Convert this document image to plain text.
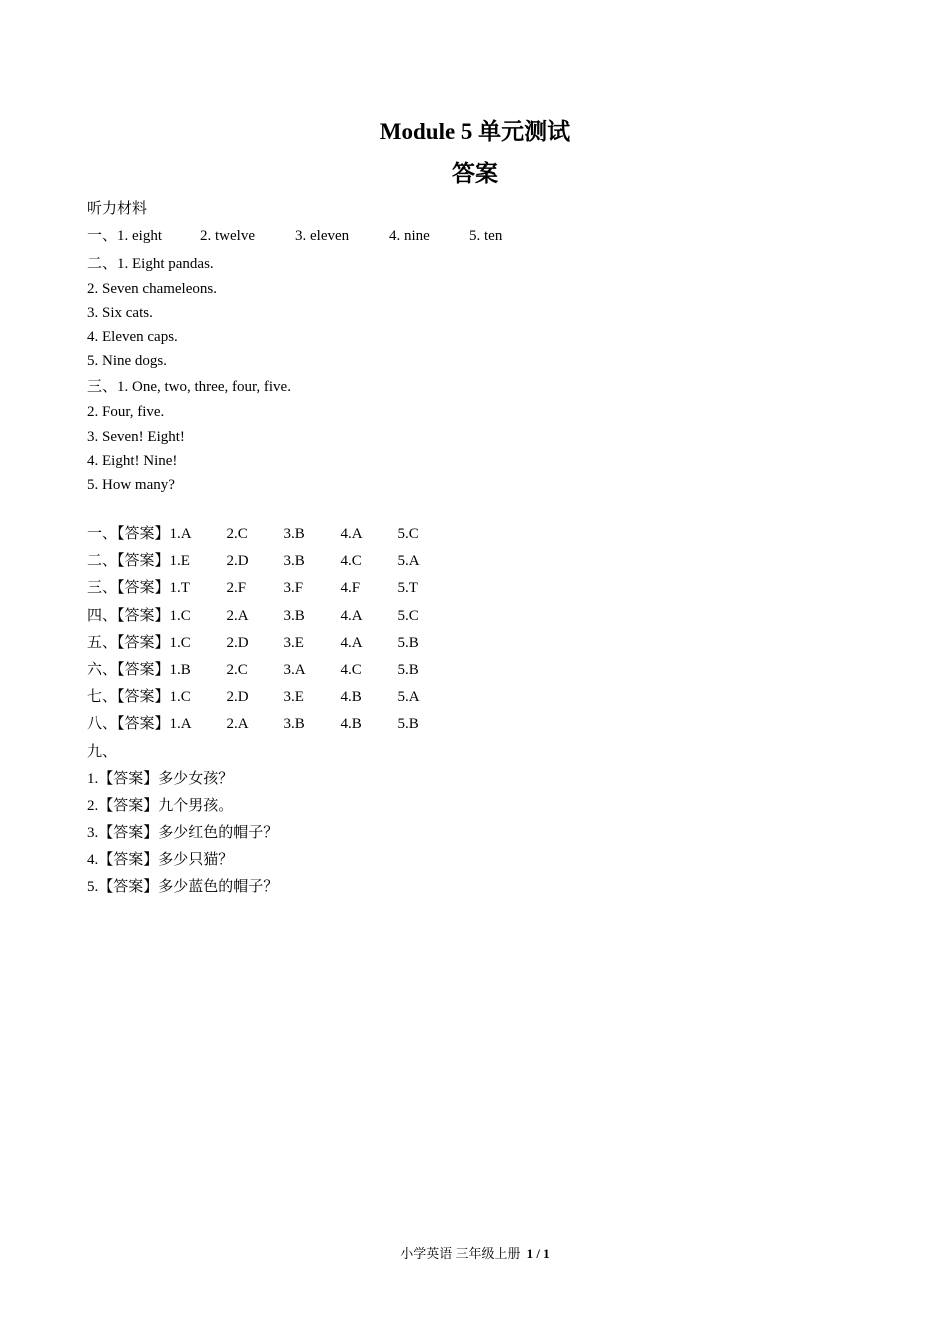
Module 5 单元测试
答案
听力材料
一、1. eight	2. twelve	3. eleven	4. nine	5. ten
二、1. Eight pandas.
2. Seven chameleons.
3. Six cats.
4. Eleven caps.
5. Nine dogs.
三、1. One, two, three, four, five.
2. Four, five.
3. Seven! Eight!
4. Eight! Nine!
5. How many?
一、【答案】1.A 2.C 3.B 4.A 5.C
二、【答案】1.E 2.D 3.B 4.C 5.A
三、【答案】1.T 2.F 3.F 4.F 5.T
四、【答案】1.C 2.A 3.B 4.A 5.C
五、【答案】1.C 2.D 3.E 4.A 5.B
六、【答案】1.B 2.C 3.A 4.C 5.B
七、【答案】1.C 2.D 3.E 4.B 5.A
八、【答案】1.A 2.A 3.B 4.B 5.B
九、
1.【答案】多少女孩？
2.【答案】九个男孩。
3.【答案】多少红色的帽子？
4.【答案】多少只猫？
5.【答案】多少蓝色的帽子？
小学英语 三年级上册 1 / 1
